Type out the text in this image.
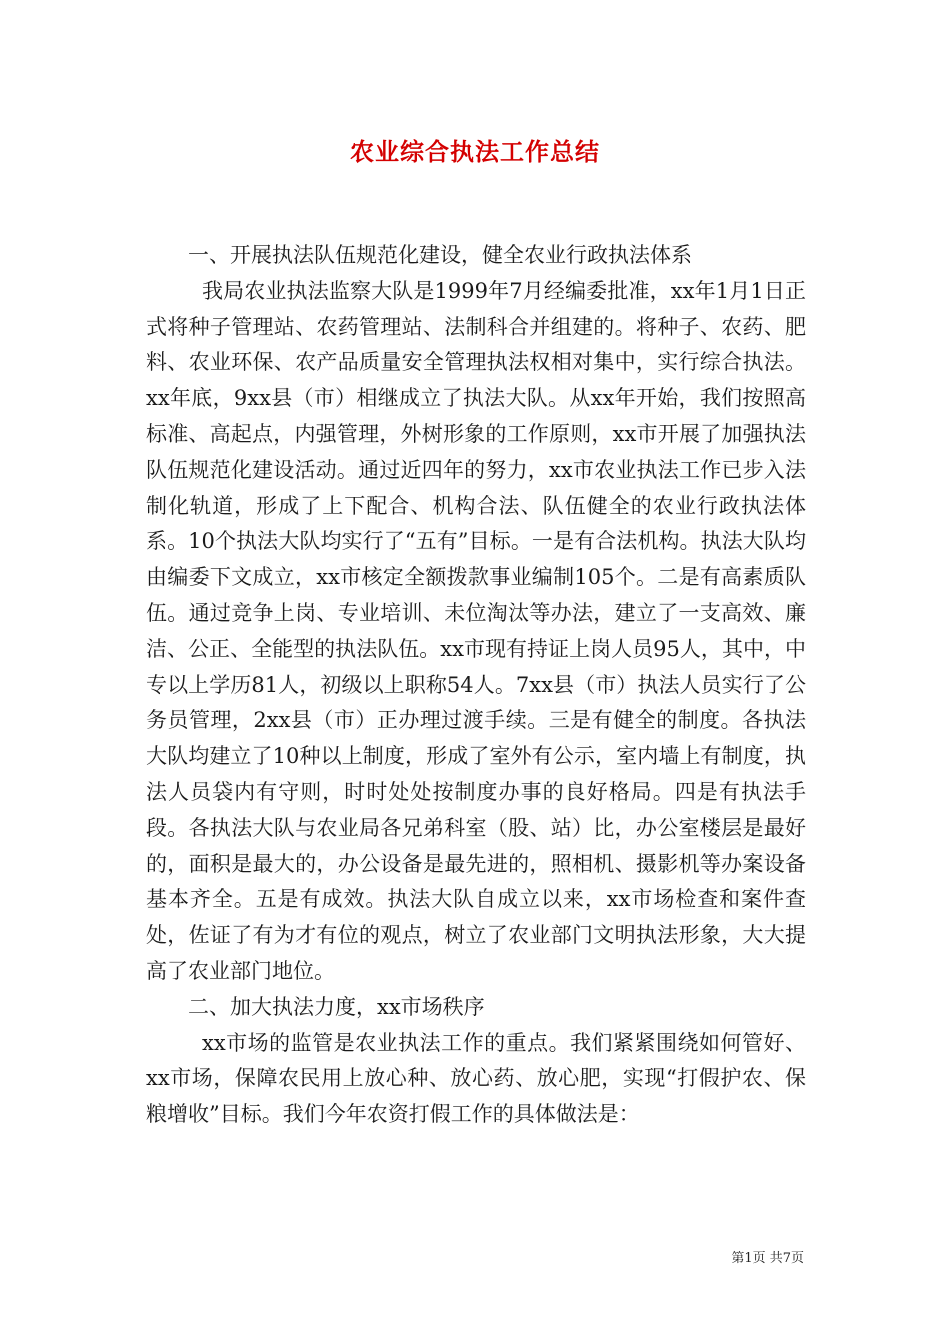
农业综合执法工作总结

一、开展执法队伍规范化建设，健全农业行政执法体系

我局农业执法监察大队是1999年7月经编委批准，xx年1月1日正式将种子管理站、农药管理站、法制科合并组建的。将种子、农药、肥料、农业环保、农产品质量安全管理执法权相对集中，实行综合执法。xx年底，9xx县（市）相继成立了执法大队。从xx年开始，我们按照高标准、高起点，内强管理，外树形象的工作原则，xx市开展了加强执法队伍规范化建设活动。通过近四年的努力，xx市农业执法工作已步入法制化轨道，形成了上下配合、机构合法、队伍健全的农业行政执法体系。10个执法大队均实行了“五有”目标。一是有合法机构。执法大队均由编委下文成立，xx市核定全额拨款事业编制105个。二是有高素质队伍。通过竞争上岗、专业培训、未位淘汰等办法，建立了一支高效、廉洁、公正、全能型的执法队伍。xx市现有持证上岗人员95人，其中，中专以上学历81人，初级以上职称54人。7xx县（市）执法人员实行了公务员管理，2xx县（市）正办理过渡手续。三是有健全的制度。各执法大队均建立了10种以上制度，形成了室外有公示，室内墙上有制度，执法人员袋内有守则，时时处处按制度办事的良好格局。四是有执法手段。各执法大队与农业局各兄弟科室（股、站）比，办公室楼层是最好的，面积是最大的，办公设备是最先进的，照相机、摄影机等办案设备基本齐全。五是有成效。执法大队自成立以来，xx市场检查和案件查处，佐证了有为才有位的观点，树立了农业部门文明执法形象，大大提高了农业部门地位。

二、加大执法力度，xx市场秩序

xx市场的监管是农业执法工作的重点。我们紧紧围绕如何管好、xx市场，保障农民用上放心种、放心药、放心肥，实现“打假护农、保粮增收”目标。我们今年农资打假工作的具体做法是：

第1页 共7页
